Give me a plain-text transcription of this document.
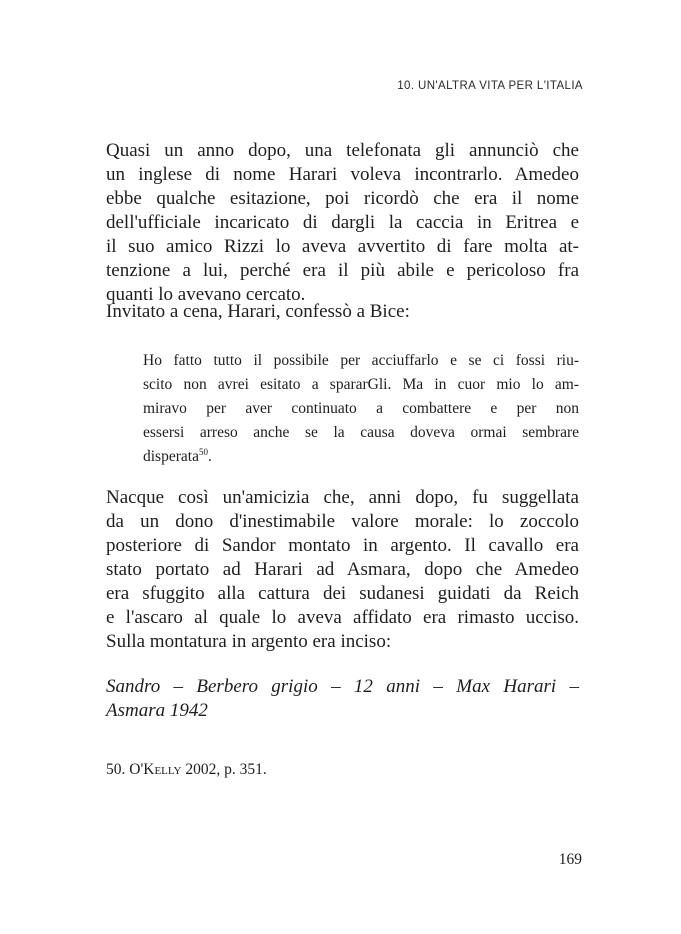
10. UN'ALTRA VITA PER L'ITALIA

Quasi un anno dopo, una telefonata gli annunciò che
un inglese di nome Harari voleva incontrarlo. Amedeo
ebbe qualche esitazione, poi ricordò che era il nome
dell'ufficiale incaricato di dargli la caccia in Eritrea e
il suo amico Rizzi lo aveva avvertito di fare molta at-
tenzione a lui, perché era il più abile e pericoloso fra
quanti lo avevano cercato.

Invitato a cena, Harari, confessò a Bice:

Ho fatto tutto il possibile per acciuffarlo e se ci fossi riu-
scito non avrei esitato a spararGli. Ma in cuor mio lo am-
miravo per aver continuato a combattere e per non
essersi arreso anche se la causa doveva ormai sembrare
disperata$^{50}$.

Nacque così un'amicizia che, anni dopo, fu suggellata
da un dono d'inestimabile valore morale: lo zoccolo
posteriore di Sandor montato in argento. Il cavallo era
stato portato ad Harari ad Asmara, dopo che Amedeo
era sfuggito alla cattura dei sudanesi guidati da Reich
e l'ascaro al quale lo aveva affidato era rimasto ucciso.
Sulla montatura in argento era inciso:

Sandro – Berbero grigio – 12 anni – Max Harari –
Asmara 1942

50. O'Kelly 2002, p. 351.
169
